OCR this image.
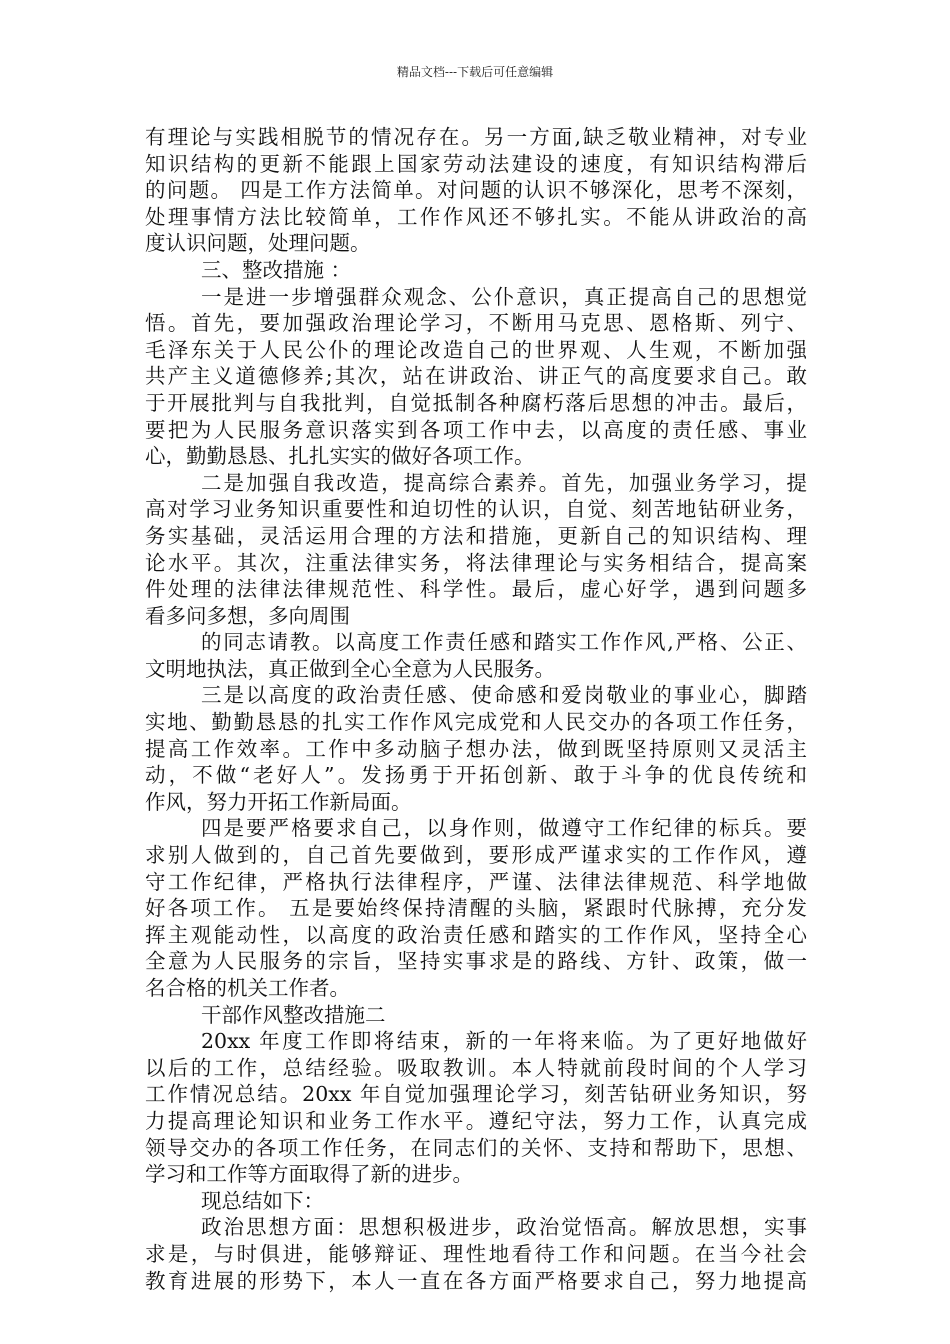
精品文档---下载后可任意编辑
有理论与实践相脱节的情况存在。另一方面,缺乏敬业精神，对专业
知识结构的更新不能跟上国家劳动法建设的速度，有知识结构滞后
的问题。 四是工作方法简单。对问题的认识不够深化，思考不深刻，
处理事情方法比较简单，工作作风还不够扎实。不能从讲政治的高
度认识问题，处理问题。
三、整改措施 ：
一是进一步增强群众观念、公仆意识，真正提高自己的思想觉
悟。首先，要加强政治理论学习，不断用马克思、恩格斯、列宁、
毛泽东关于人民公仆的理论改造自己的世界观、人生观，不断加强
共产主义道德修养;其次，站在讲政治、讲正气的高度要求自己。敢
于开展批判与自我批判，自觉抵制各种腐朽落后思想的冲击。最后，
要把为人民服务意识落实到各项工作中去，以高度的责任感、事业
心，勤勤恳恳、扎扎实实的做好各项工作。
二是加强自我改造，提高综合素养。首先，加强业务学习，提
高对学习业务知识重要性和迫切性的认识，自觉、刻苦地钻研业务，
务实基础，灵活运用合理的方法和措施，更新自己的知识结构、理
论水平。其次，注重法律实务，将法律理论与实务相结合，提高案
件处理的法律法律规范性、科学性。最后，虚心好学，遇到问题多
看多问多想，多向周围
的同志请教。以高度工作责任感和踏实工作作风,严格、公正、
文明地执法，真正做到全心全意为人民服务。
三是以高度的政治责任感、使命感和爱岗敬业的事业心，脚踏
实地、勤勤恳恳的扎实工作作风完成党和人民交办的各项工作任务，
提高工作效率。工作中多动脑子想办法，做到既坚持原则又灵活主
动，不做“老好人”。发扬勇于开拓创新、敢于斗争的优良传统和
作风，努力开拓工作新局面。
四是要严格要求自己，以身作则，做遵守工作纪律的标兵。要
求别人做到的，自己首先要做到，要形成严谨求实的工作作风，遵
守工作纪律，严格执行法律程序，严谨、法律法律规范、科学地做
好各项工作。 五是要始终保持清醒的头脑，紧跟时代脉搏，充分发
挥主观能动性，以高度的政治责任感和踏实的工作作风，坚持全心
全意为人民服务的宗旨，坚持实事求是的路线、方针、政策，做一
名合格的机关工作者。
干部作风整改措施二
20xx 年度工作即将结束，新的一年将来临。为了更好地做好
以后的工作，总结经验。吸取教训。本人特就前段时间的个人学习
工作情况总结。20xx 年自觉加强理论学习，刻苦钻研业务知识，努
力提高理论知识和业务工作水平。遵纪守法，努力工作，认真完成
领导交办的各项工作任务，在同志们的关怀、支持和帮助下，思想、
学习和工作等方面取得了新的进步。
现总结如下：
政治思想方面：思想积极进步，政治觉悟高。解放思想，实事
求是，与时俱进，能够辩证、理性地看待工作和问题。在当今社会
教育进展的形势下，本人一直在各方面严格要求自己，努力地提高
